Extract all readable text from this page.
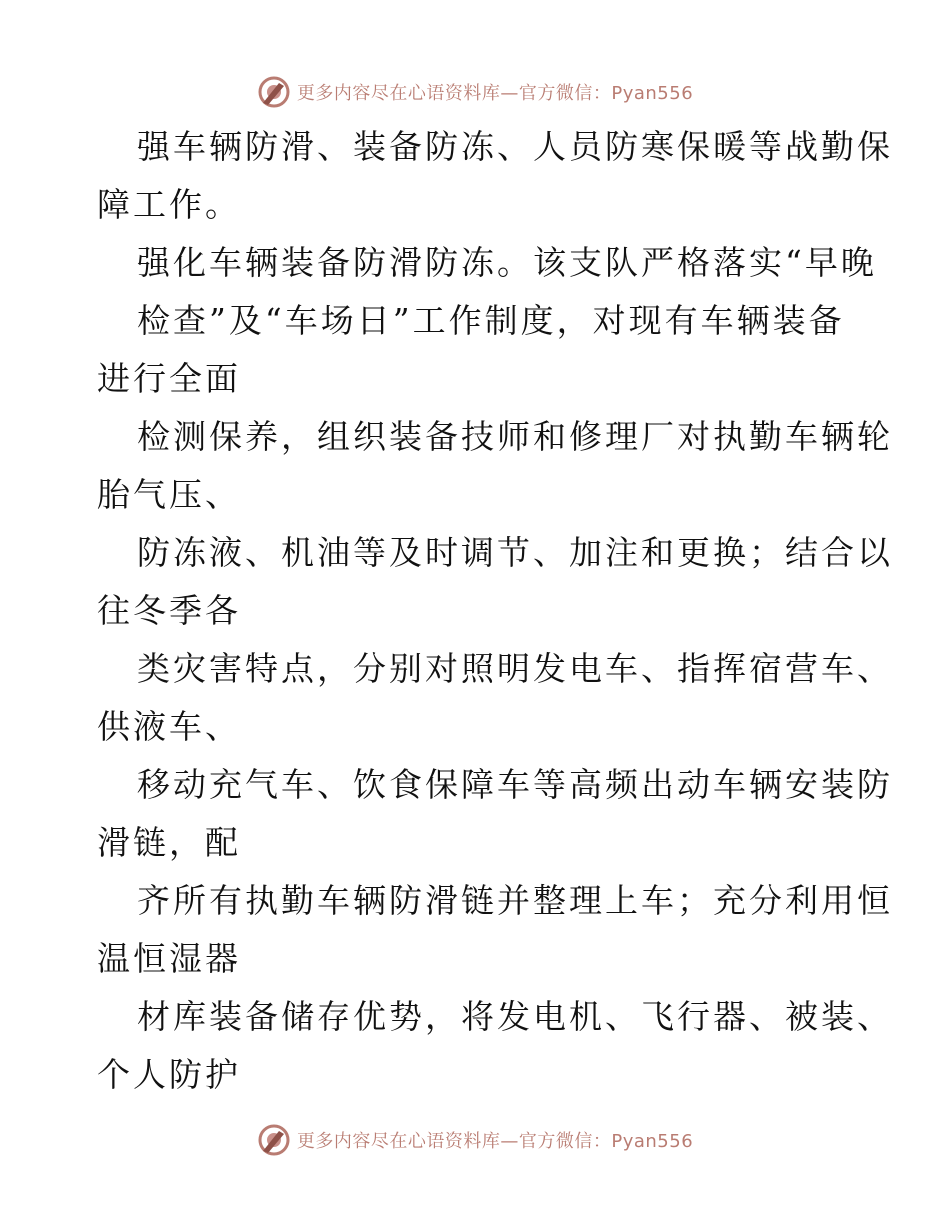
更多内容尽在心语资料库—官方微信：Pyan556
强车辆防滑、装备防冻、人员防寒保暖等战勤保
障工作。
强化车辆装备防滑防冻。该支队严格落实“早晚
检查”及“车场日”工作制度，对现有车辆装备
进行全面
检测保养，组织装备技师和修理厂对执勤车辆轮
胎气压、
防冻液、机油等及时调节、加注和更换；结合以
往冬季各
类灾害特点，分别对照明发电车、指挥宿营车、
供液车、
移动充气车、饮食保障车等高频出动车辆安装防
滑链，配
齐所有执勤车辆防滑链并整理上车；充分利用恒
温恒湿器
材库装备储存优势，将发电机、飞行器、被装、
个人防护
更多内容尽在心语资料库—官方微信：Pyan556
